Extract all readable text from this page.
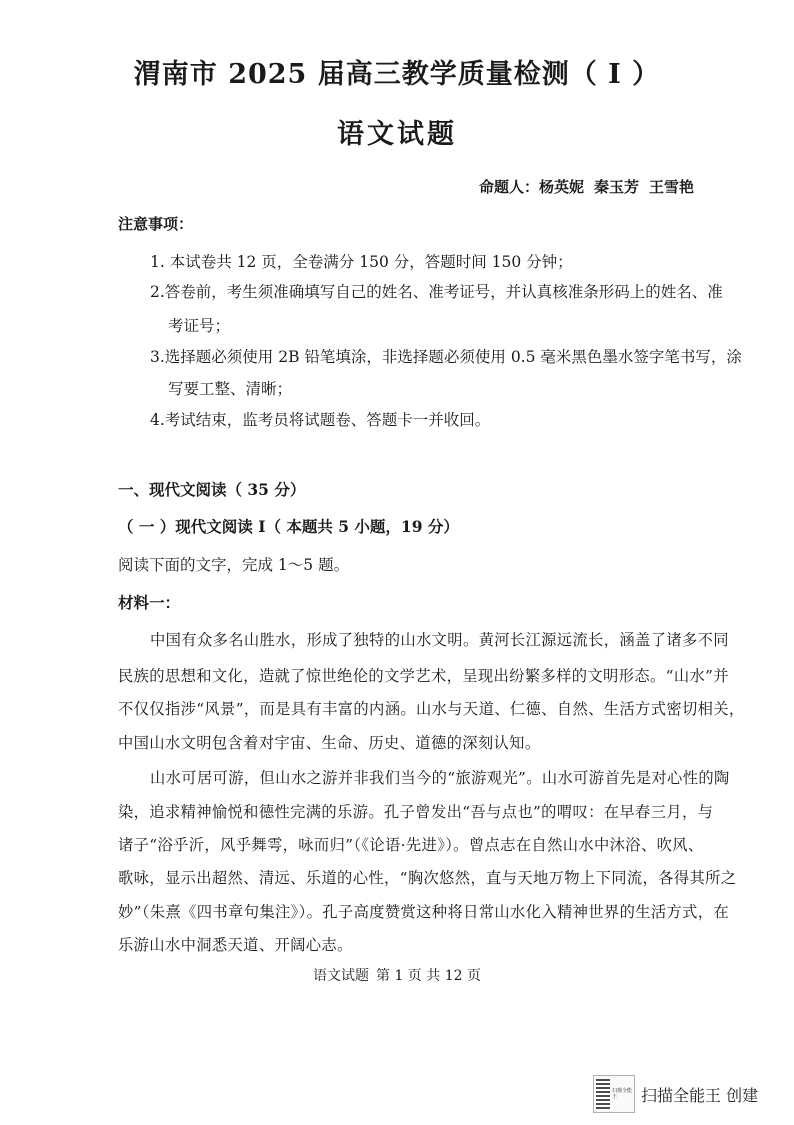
渭南市 2025 届高三教学质量检测（ I ）
语文试题
命题人：杨英妮 秦玉芳 王雪艳
注意事项：

1. 本试卷共 12 页，全卷满分 150 分，答题时间 150 分钟；

2.答卷前，考生须准确填写自己的姓名、准考证号，并认真核准条形码上的姓名、准

考证号；

3.选择题必须使用 2B 铅笔填涂，非选择题必须使用 0.5 毫米黑色墨水签字笔书写，涂

写要工整、清晰；

4.考试结束，监考员将试题卷、答题卡一并收回。

一、现代文阅读（ 35 分）
（ 一 ）现代文阅读 I（ 本题共 5 小题，19 分）

阅读下面的文字，完成 1～5 题。

材料一：

中国有众多名山胜水，形成了独特的山水文明。黄河长江源远流长，涵盖了诸多不同

民族的思想和文化，造就了惊世绝伦的文学艺术，呈现出纷繁多样的文明形态。“山水”并

不仅仅指涉“风景”，而是具有丰富的内涵。山水与天道、仁德、自然、生活方式密切相关，

中国山水文明包含着对宇宙、生命、历史、道德的深刻认知。

山水可居可游，但山水之游并非我们当今的“旅游观光”。山水可游首先是对心性的陶

染，追求精神愉悦和德性完满的乐游。孔子曾发出“吾与点也”的喟叹：在早春三月，与

诸子“浴乎沂，风乎舞雩，咏而归”（《论语·先进》）。曾点志在自然山水中沐浴、吹风、

歌咏，显示出超然、清远、乐道的心性，“胸次悠然，直与天地万物上下同流，各得其所之

妙”（朱熹《四书章句集注》）。孔子高度赞赏这种将日常山水化入精神世界的生活方式，在

乐游山水中洞悉天道、开阔心志。

语文试题 第 1 页 共 12 页
扫描全能王	扫描全能王 创建
